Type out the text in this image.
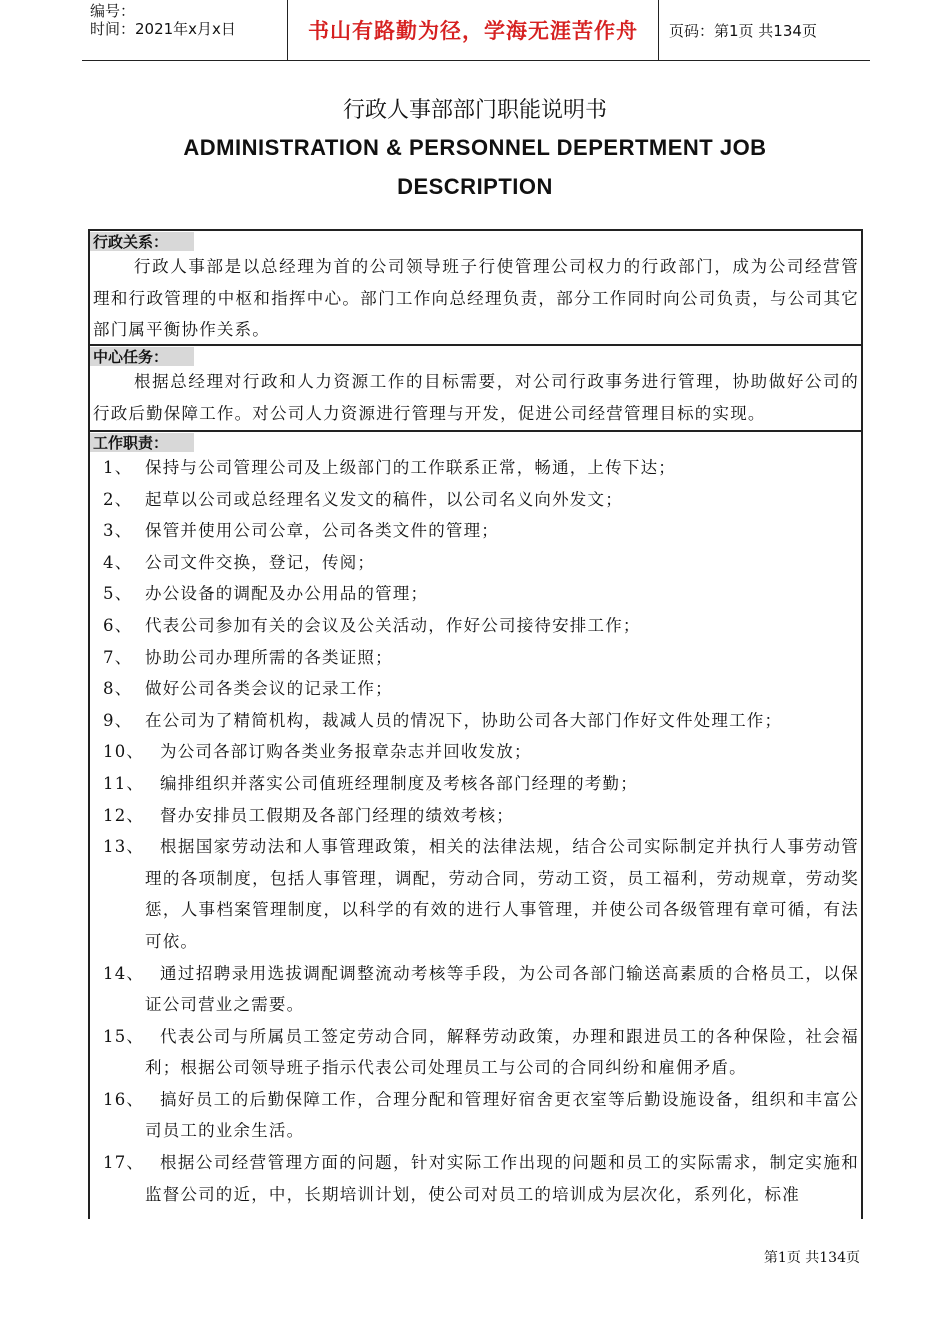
编号：
时间：2021年x月x日	书山有路勤为径，学海无涯苦作舟	页码：第1页 共134页
行政人事部部门职能说明书
ADMINISTRATION & PERSONNEL DEPERTMENT JOB DESCRIPTION
行政关系：
行政人事部是以总经理为首的公司领导班子行使管理公司权力的行政部门，成为公司经营管理和行政管理的中枢和指挥中心。部门工作向总经理负责，部分工作同时向公司负责，与公司其它部门属平衡协作关系。
中心任务：
根据总经理对行政和人力资源工作的目标需要，对公司行政事务进行管理，协助做好公司的行政后勤保障工作。对公司人力资源进行管理与开发，促进公司经营管理目标的实现。
工作职责：
1、 保持与公司管理公司及上级部门的工作联系正常，畅通，上传下达；
2、 起草以公司或总经理名义发文的稿件，以公司名义向外发文；
3、 保管并使用公司公章，公司各类文件的管理；
4、 公司文件交换，登记，传阅；
5、 办公设备的调配及办公用品的管理；
6、 代表公司参加有关的会议及公关活动，作好公司接待安排工作；
7、 协助公司办理所需的各类证照；
8、 做好公司各类会议的记录工作；
9、 在公司为了精简机构，裁减人员的情况下，协助公司各大部门作好文件处理工作；
10、 为公司各部订购各类业务报章杂志并回收发放；
11、 编排组织并落实公司值班经理制度及考核各部门经理的考勤；
12、 督办安排员工假期及各部门经理的绩效考核；
13、 根据国家劳动法和人事管理政策，相关的法律法规，结合公司实际制定并执行人事劳动管理的各项制度，包括人事管理，调配，劳动合同，劳动工资，员工福利，劳动规章，劳动奖惩，人事档案管理制度，以科学的有效的进行人事管理，并使公司各级管理有章可循，有法可依。
14、 通过招聘录用选拔调配调整流动考核等手段，为公司各部门输送高素质的合格员工，以保证公司营业之需要。
15、 代表公司与所属员工签定劳动合同，解释劳动政策，办理和跟进员工的各种保险，社会福利；根据公司领导班子指示代表公司处理员工与公司的合同纠纷和雇佣矛盾。
16、 搞好员工的后勤保障工作，合理分配和管理好宿舍更衣室等后勤设施设备，组织和丰富公司员工的业余生活。
17、 根据公司经营管理方面的问题，针对实际工作出现的问题和员工的实际需求，制定实施和监督公司的近，中，长期培训计划，使公司对员工的培训成为层次化，系列化，标准
第1页 共134页
